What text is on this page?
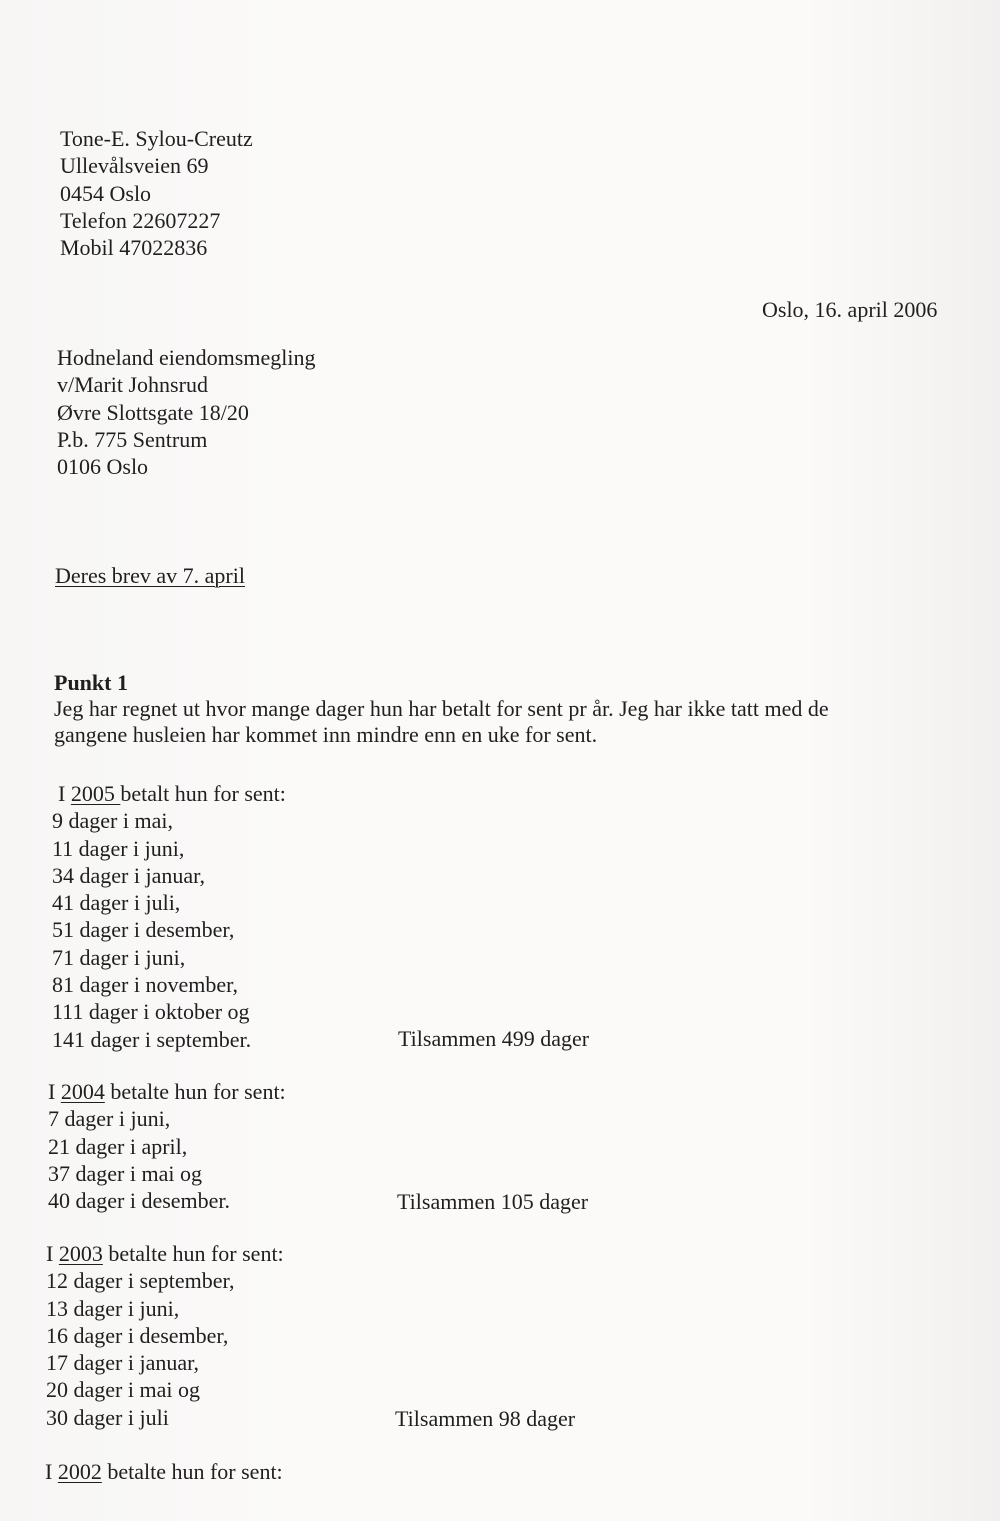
Tone-E. Sylou-Creutz
Ullevålsveien 69
0454 Oslo
Telefon 22607227
Mobil 47022836
Oslo, 16. april 2006
Hodneland eiendomsmegling
v/Marit Johnsrud
Øvre Slottsgate 18/20
P.b. 775 Sentrum
0106 Oslo
Deres brev av 7. april
Punkt 1
Jeg har regnet ut hvor mange dager hun har betalt for sent pr år. Jeg har ikke tatt med de
gangene husleien har kommet inn mindre enn en uke for sent.
I 2005 betalt hun for sent:
9 dager i mai,
11 dager i juni,
34 dager i januar,
41 dager i juli,
51 dager i desember,
71 dager i juni,
81 dager i november,
111 dager i oktober og
141 dager i september.	Tilsammen 499 dager
I 2004 betalte hun for sent:
7 dager i juni,
21 dager i april,
37 dager i mai og
40 dager i desember.	Tilsammen 105 dager
I 2003 betalte hun for sent:
12 dager i september,
13 dager i juni,
16 dager i desember,
17 dager i januar,
20 dager i mai og
30 dager i juli	Tilsammen 98 dager
I 2002 betalte hun for sent:
